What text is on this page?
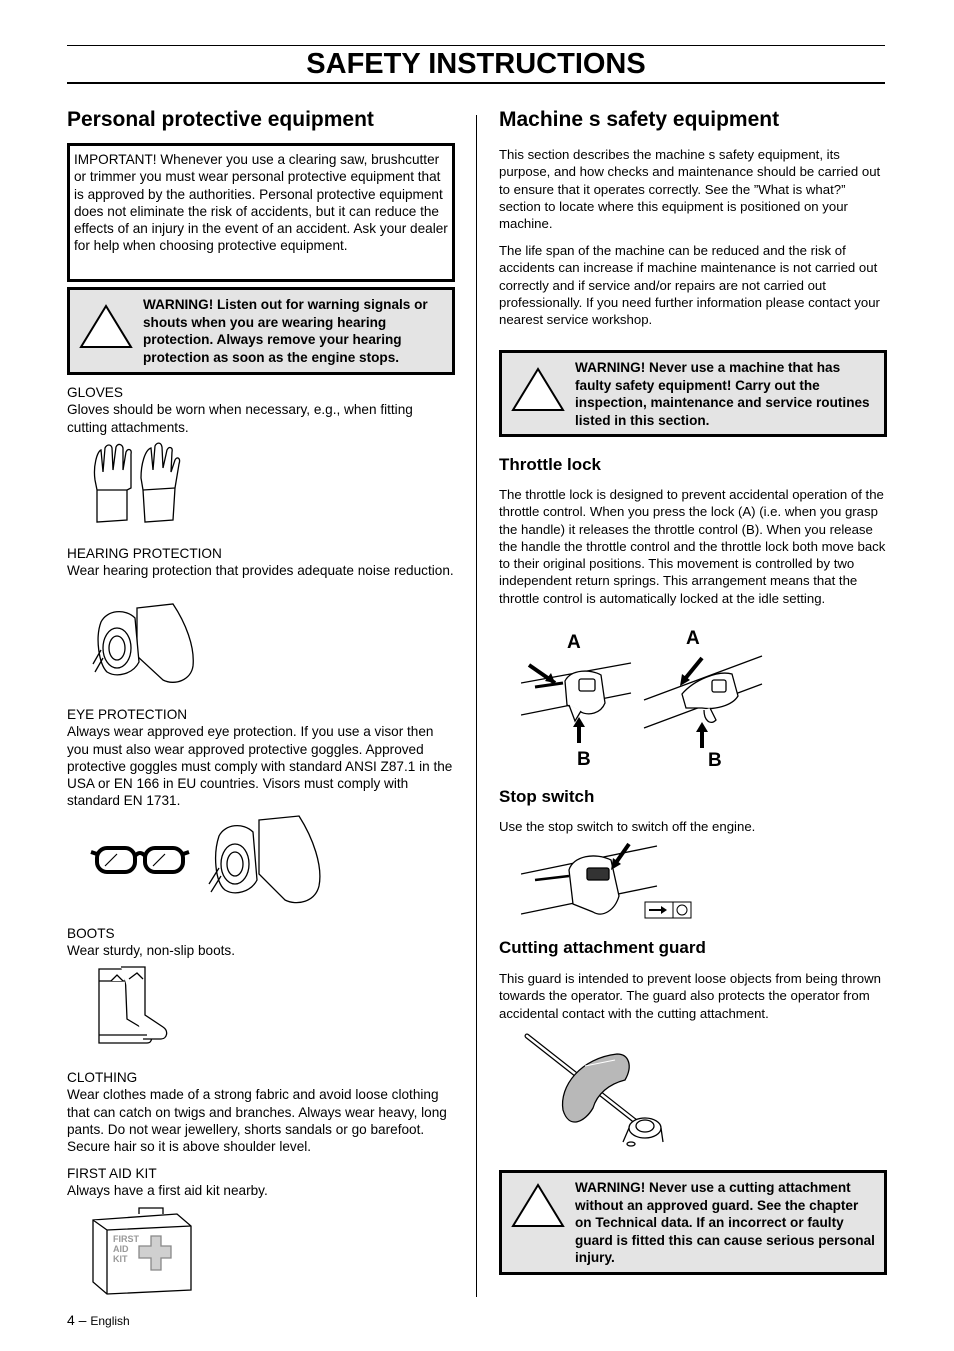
SAFETY INSTRUCTIONS
Personal protective equipment
IMPORTANT! Whenever you use a clearing saw, brushcutter or trimmer you must wear personal protective equipment that is approved by the authorities. Personal protective equipment does not eliminate the risk of accidents, but it can reduce the effects of an injury in the event of an accident. Ask your dealer for help when choosing protective equipment.
WARNING! Listen out for warning signals or shouts when you are wearing hearing protection. Always remove your hearing protection as soon as the engine stops.
GLOVES
Gloves should be worn when necessary, e.g., when fitting cutting attachments.
HEARING PROTECTION
Wear hearing protection that provides adequate noise reduction.
EYE PROTECTION
Always wear approved eye protection. If you use a visor then you must also wear approved protective goggles. Approved protective goggles must comply with standard ANSI Z87.1 in the USA or EN 166 in EU countries. Visors must comply with standard EN 1731.
BOOTS
Wear sturdy, non-slip boots.
CLOTHING
Wear clothes made of a strong fabric and avoid loose clothing that can catch on twigs and branches. Always wear heavy, long pants. Do not wear jewellery, shorts sandals or go barefoot. Secure hair so it is above shoulder level.
FIRST AID KIT
Always have a first aid kit nearby.
FIRST
AID
KIT
Machine s safety equipment
This section describes the machine s safety equipment, its purpose, and how checks and maintenance should be carried out to ensure that it operates correctly. See the ”What is what?” section to locate where this equipment is positioned on your machine.
The life span of the machine can be reduced and the risk of accidents can increase if machine maintenance is not carried out correctly and if service and/or repairs are not carried out professionally. If you need further information please contact your nearest service workshop.
WARNING! Never use a machine that has faulty safety equipment! Carry out the inspection, maintenance and service routines listed in this section.
Throttle lock
The throttle lock is designed to prevent accidental operation of the throttle control. When you press the lock (A) (i.e. when you grasp the handle) it releases the throttle control (B). When you release the handle the throttle control and the throttle lock both move back to their original positions. This movement is controlled by two independent return springs. This arrangement means that the throttle control is automatically locked at the idle setting.
A
B
A
B
Stop switch
Use the stop switch to switch off the engine.
Cutting attachment guard
This guard is intended to prevent loose objects from being thrown towards the operator. The guard also protects the operator from accidental contact with the cutting attachment.
WARNING! Never use a cutting attachment without an approved guard. See the chapter on Technical data. If an incorrect or faulty guard is fitted this can cause serious personal injury.
4 – English
